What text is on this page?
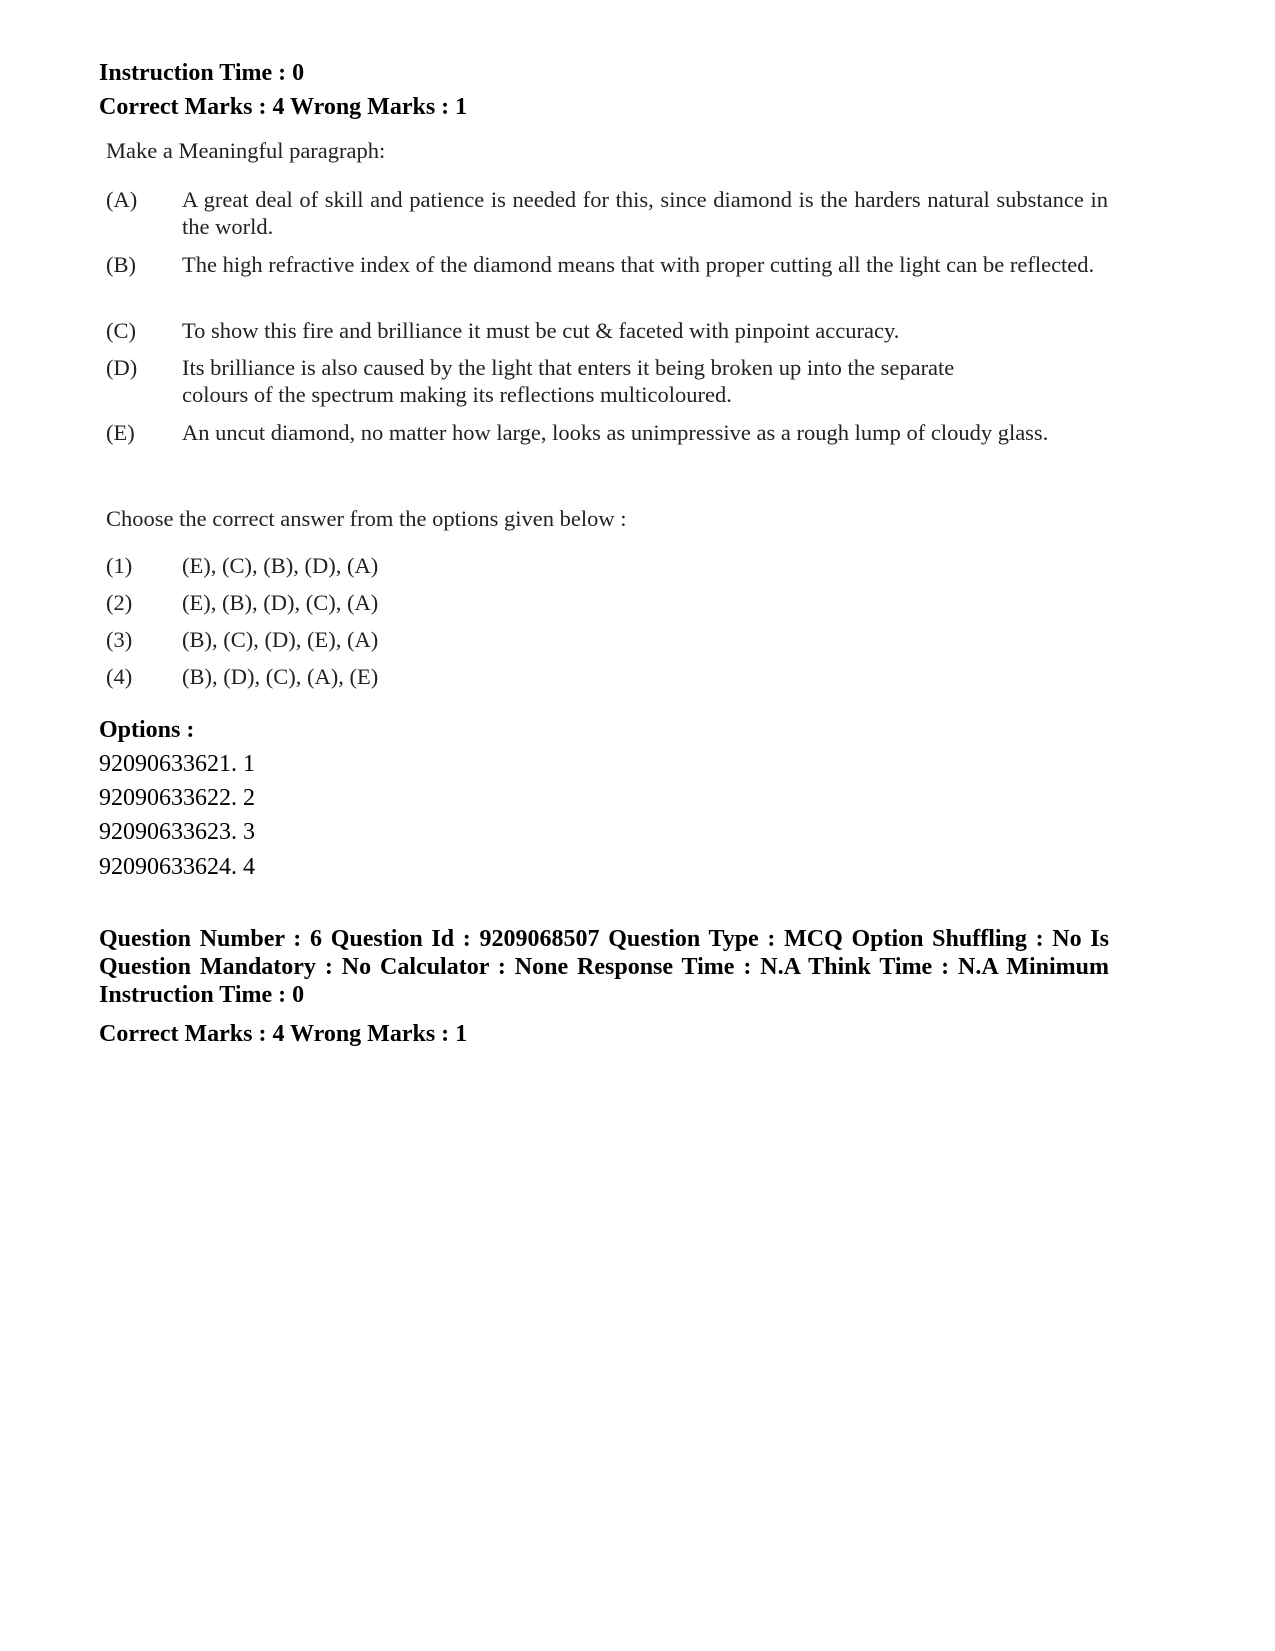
Instruction Time : 0
Correct Marks : 4 Wrong Marks : 1
Make a Meaningful paragraph:
(A) A great deal of skill and patience is needed for this, since diamond is the harders natural substance in the world.
(B) The high refractive index of the diamond means that with proper cutting all the light can be reflected.
(C) To show this fire and brilliance it must be cut & faceted with pinpoint accuracy.
(D) Its brilliance is also caused by the light that enters it being broken up into the separate colours of the spectrum making its reflections multicoloured.
(E) An uncut diamond, no matter how large, looks as unimpressive as a rough lump of cloudy glass.
Choose the correct answer from the options given below :
(1) (E), (C), (B), (D), (A)
(2) (E), (B), (D), (C), (A)
(3) (B), (C), (D), (E), (A)
(4) (B), (D), (C), (A), (E)
Options :
92090633621. 1
92090633622. 2
92090633623. 3
92090633624. 4
Question Number : 6 Question Id : 9209068507 Question Type : MCQ Option Shuffling : No Is Question Mandatory : No Calculator : None Response Time : N.A Think Time : N.A Minimum Instruction Time : 0
Correct Marks : 4 Wrong Marks : 1
